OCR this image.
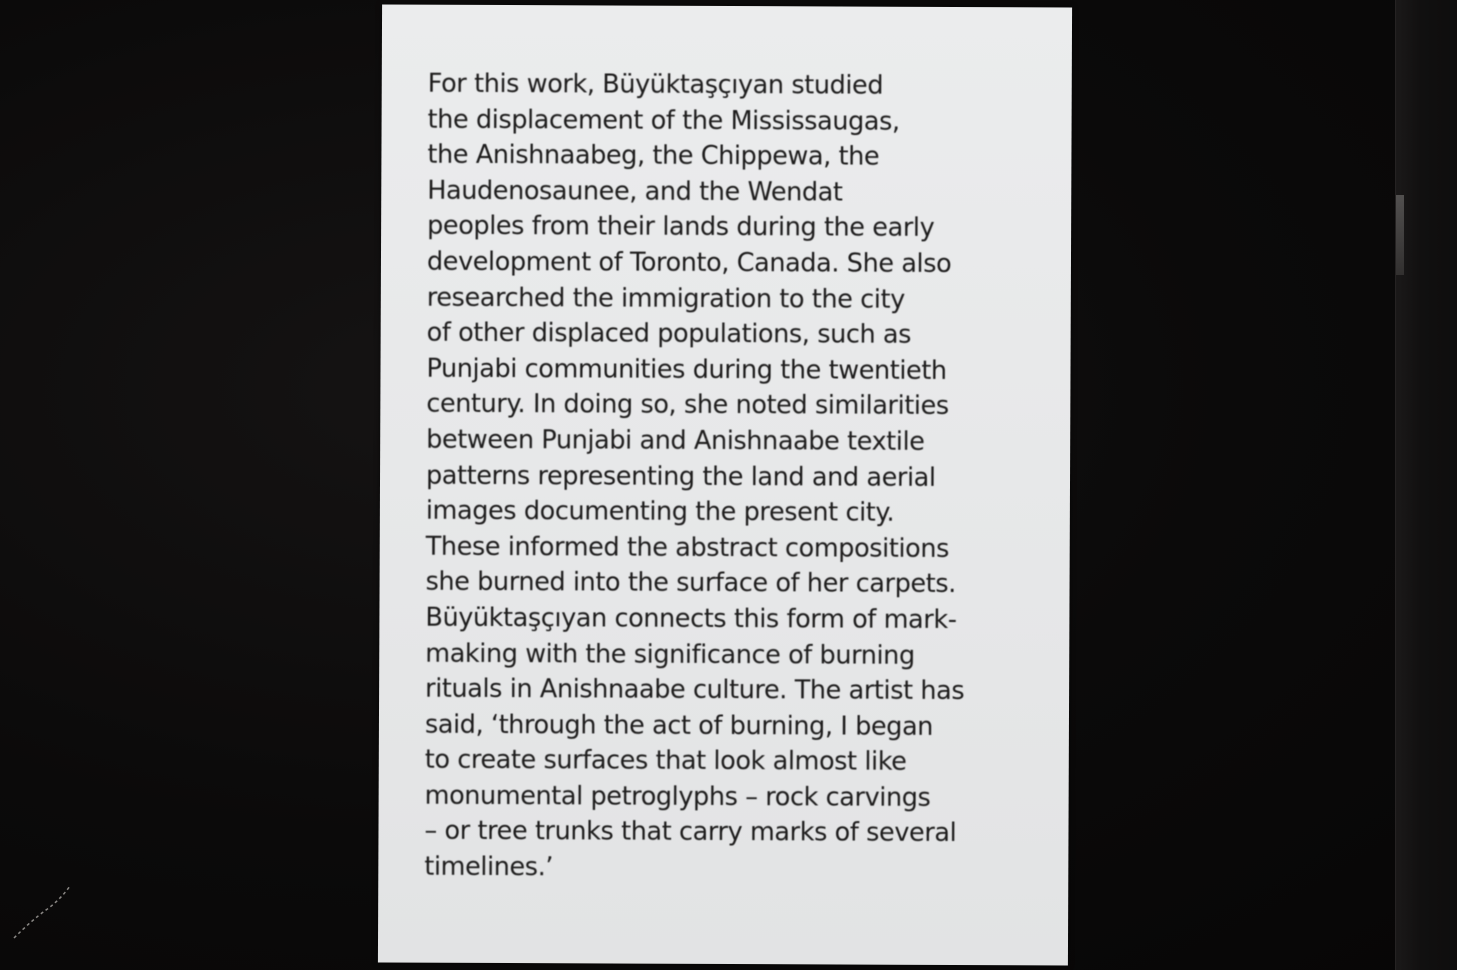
For this work, Büyüktaşçıyan studied
the displacement of the Mississaugas,
the Anishnaabeg, the Chippewa, the
Haudenosaunee, and the Wendat
peoples from their lands during the early
development of Toronto, Canada. She also
researched the immigration to the city
of other displaced populations, such as
Punjabi communities during the twentieth
century. In doing so, she noted similarities
between Punjabi and Anishnaabe textile
patterns representing the land and aerial
images documenting the present city.
These informed the abstract compositions
she burned into the surface of her carpets.
Büyüktaşçıyan connects this form of mark-
making with the significance of burning
rituals in Anishnaabe culture. The artist has
said, ‘through the act of burning, I began
to create surfaces that look almost like
monumental petroglyphs – rock carvings
– or tree trunks that carry marks of several
timelines.’
